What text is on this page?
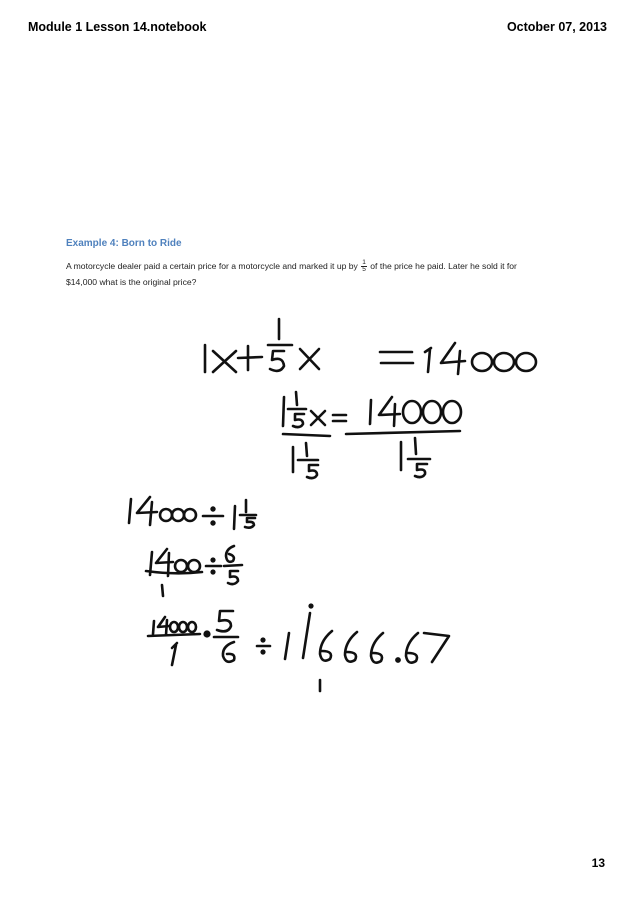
Module 1 Lesson 14.notebook	October 07, 2013
Example 4: Born to Ride
A motorcycle dealer paid a certain price for a motorcycle and marked it up by $\frac{1}{5}$ of the price he paid. Later he sold it for
$14,000 what is the original price?
13
